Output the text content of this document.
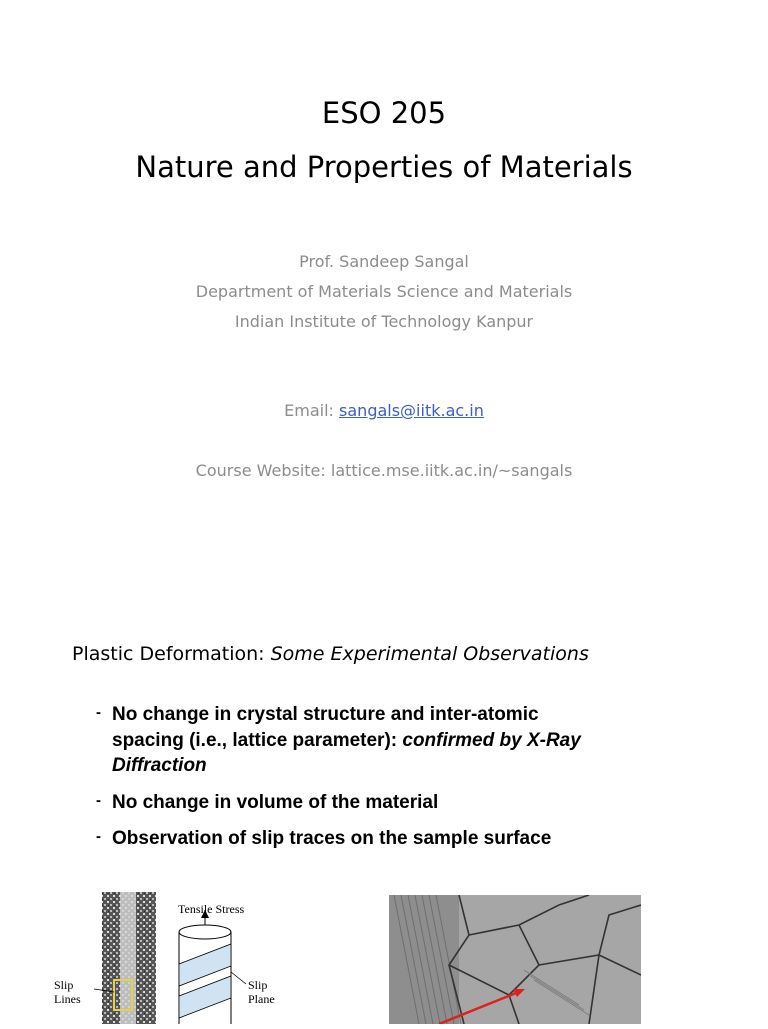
ESO 205
Nature and Properties of Materials
Prof. Sandeep Sangal
Department of Materials Science and Materials
Indian Institute of Technology Kanpur
Email: sangals@iitk.ac.in
Course Website: lattice.mse.iitk.ac.in/~sangals
Plastic Deformation: Some Experimental Observations
- No change in crystal structure and inter-atomic
spacing (i.e., lattice parameter): confirmed by X-Ray
Diffraction
- No change in volume of the material
- Observation of slip traces on the sample surface
Tensile Stress
Slip
Lines
Slip
Plane
